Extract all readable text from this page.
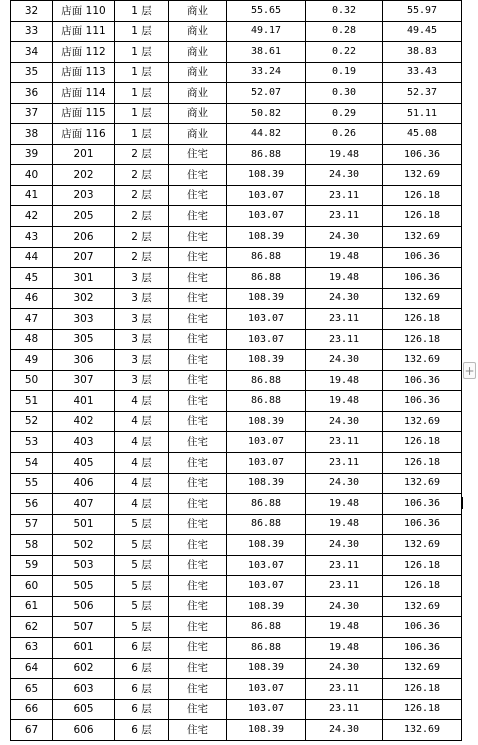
32	店面 110	1 层	商业	55.65	0.32	55.97
33	店面 111	1 层	商业	49.17	0.28	49.45
34	店面 112	1 层	商业	38.61	0.22	38.83
35	店面 113	1 层	商业	33.24	0.19	33.43
36	店面 114	1 层	商业	52.07	0.30	52.37
37	店面 115	1 层	商业	50.82	0.29	51.11
38	店面 116	1 层	商业	44.82	0.26	45.08
39	201	2 层	住宅	86.88	19.48	106.36
40	202	2 层	住宅	108.39	24.30	132.69
41	203	2 层	住宅	103.07	23.11	126.18
42	205	2 层	住宅	103.07	23.11	126.18
43	206	2 层	住宅	108.39	24.30	132.69
44	207	2 层	住宅	86.88	19.48	106.36
45	301	3 层	住宅	86.88	19.48	106.36
46	302	3 层	住宅	108.39	24.30	132.69
47	303	3 层	住宅	103.07	23.11	126.18
48	305	3 层	住宅	103.07	23.11	126.18
49	306	3 层	住宅	108.39	24.30	132.69
50	307	3 层	住宅	86.88	19.48	106.36
51	401	4 层	住宅	86.88	19.48	106.36
52	402	4 层	住宅	108.39	24.30	132.69
53	403	4 层	住宅	103.07	23.11	126.18
54	405	4 层	住宅	103.07	23.11	126.18
55	406	4 层	住宅	108.39	24.30	132.69
56	407	4 层	住宅	86.88	19.48	106.36
57	501	5 层	住宅	86.88	19.48	106.36
58	502	5 层	住宅	108.39	24.30	132.69
59	503	5 层	住宅	103.07	23.11	126.18
60	505	5 层	住宅	103.07	23.11	126.18
61	506	5 层	住宅	108.39	24.30	132.69
62	507	5 层	住宅	86.88	19.48	106.36
63	601	6 层	住宅	86.88	19.48	106.36
64	602	6 层	住宅	108.39	24.30	132.69
65	603	6 层	住宅	103.07	23.11	126.18
66	605	6 层	住宅	103.07	23.11	126.18
67	606	6 层	住宅	108.39	24.30	132.69
+
